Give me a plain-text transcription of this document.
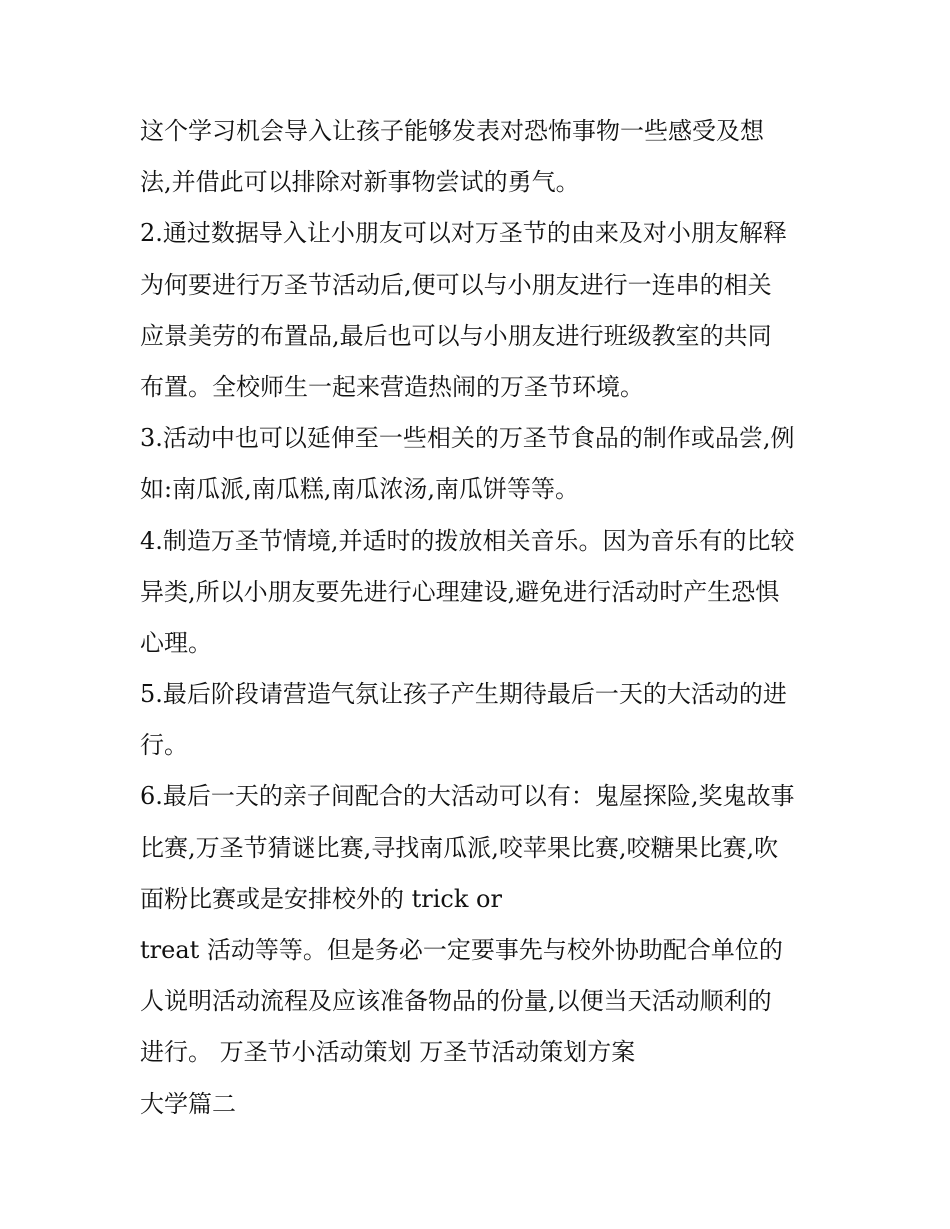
这个学习机会导入让孩子能够发表对恐怖事物一些感受及想
法,并借此可以排除对新事物尝试的勇气。
2.通过数据导入让小朋友可以对万圣节的由来及对小朋友解释
为何要进行万圣节活动后,便可以与小朋友进行一连串的相关
应景美劳的布置品,最后也可以与小朋友进行班级教室的共同
布置。全校师生一起来营造热闹的万圣节环境。
3.活动中也可以延伸至一些相关的万圣节食品的制作或品尝,例
如:南瓜派,南瓜糕,南瓜浓汤,南瓜饼等等。
4.制造万圣节情境,并适时的拨放相关音乐。因为音乐有的比较
异类,所以小朋友要先进行心理建设,避免进行活动时产生恐惧
心理。
5.最后阶段请营造气氛让孩子产生期待最后一天的大活动的进
行。
6.最后一天的亲子间配合的大活动可以有：鬼屋探险,奖鬼故事
比赛,万圣节猜谜比赛,寻找南瓜派,咬苹果比赛,咬糖果比赛,吹
面粉比赛或是安排校外的 trick or
treat 活动等等。但是务必一定要事先与校外协助配合单位的
人说明活动流程及应该准备物品的份量,以便当天活动顺利的
进行。 万圣节小活动策划 万圣节活动策划方案
大学篇二
